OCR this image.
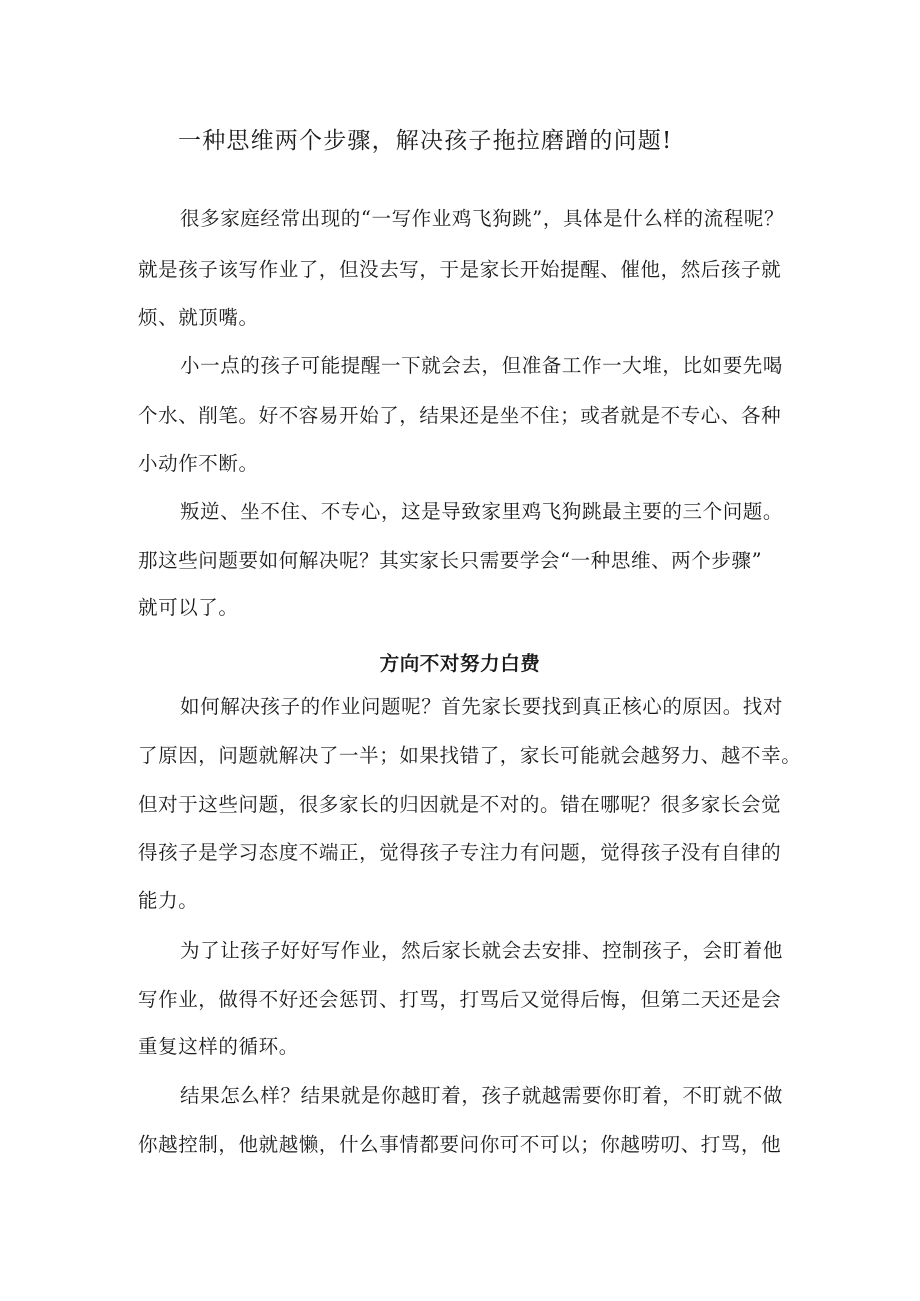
一种思维两个步骤，解决孩子拖拉磨蹭的问题!

很多家庭经常出现的“一写作业鸡飞狗跳”，具体是什么样的流程呢？

就是孩子该写作业了，但没去写，于是家长开始提醒、催他，然后孩子就

烦、就顶嘴。

小一点的孩子可能提醒一下就会去，但准备工作一大堆，比如要先喝

个水、削笔。好不容易开始了，结果还是坐不住；或者就是不专心、各种

小动作不断。

叛逆、坐不住、不专心，这是导致家里鸡飞狗跳最主要的三个问题。

那这些问题要如何解决呢？其实家长只需要学会“一种思维、两个步骤”

就可以了。

方向不对努力白费

如何解决孩子的作业问题呢？首先家长要找到真正核心的原因。找对

了原因，问题就解决了一半；如果找错了，家长可能就会越努力、越不幸。

但对于这些问题，很多家长的归因就是不对的。错在哪呢？很多家长会觉

得孩子是学习态度不端正，觉得孩子专注力有问题，觉得孩子没有自律的

能力。

为了让孩子好好写作业，然后家长就会去安排、控制孩子，会盯着他

写作业，做得不好还会惩罚、打骂，打骂后又觉得后悔，但第二天还是会

重复这样的循环。

结果怎么样？结果就是你越盯着，孩子就越需要你盯着，不盯就不做

你越控制，他就越懒，什么事情都要问你可不可以；你越唠叨、打骂，他
